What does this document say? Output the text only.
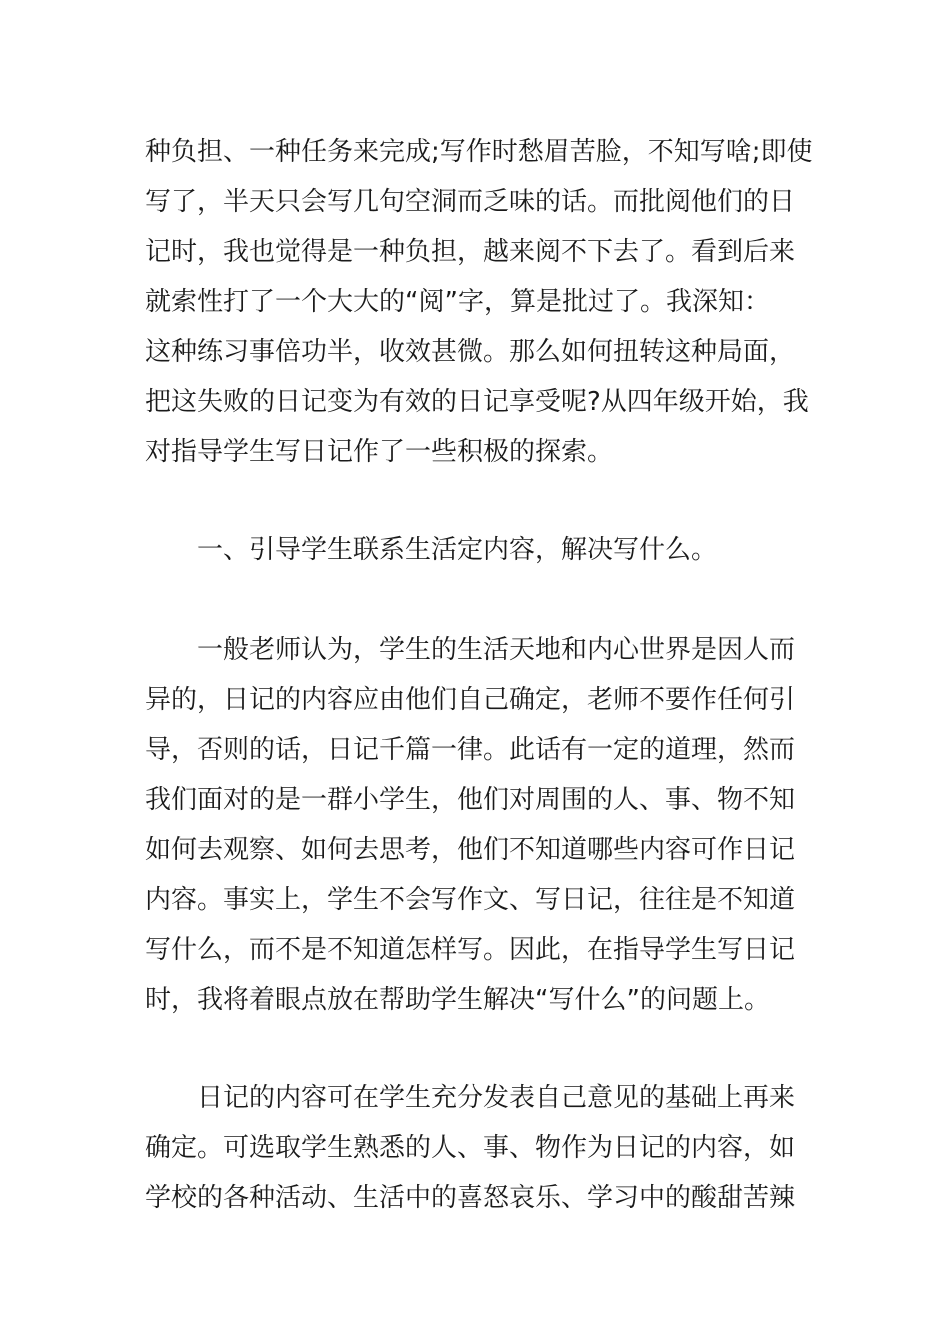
种负担、一种任务来完成;写作时愁眉苦脸，不知写啥;即使
写了，半天只会写几句空洞而乏味的话。而批阅他们的日
记时，我也觉得是一种负担，越来阅不下去了。看到后来
就索性打了一个大大的“阅”字，算是批过了。我深知：
这种练习事倍功半，收效甚微。那么如何扭转这种局面，
把这失败的日记变为有效的日记享受呢?从四年级开始，我
对指导学生写日记作了一些积极的探索。
一、引导学生联系生活定内容，解决写什么。
一般老师认为，学生的生活天地和内心世界是因人而
异的，日记的内容应由他们自己确定，老师不要作任何引
导，否则的话，日记千篇一律。此话有一定的道理，然而
我们面对的是一群小学生，他们对周围的人、事、物不知
如何去观察、如何去思考，他们不知道哪些内容可作日记
内容。事实上，学生不会写作文、写日记，往往是不知道
写什么，而不是不知道怎样写。因此，在指导学生写日记
时，我将着眼点放在帮助学生解决“写什么”的问题上。
日记的内容可在学生充分发表自己意见的基础上再来
确定。可选取学生熟悉的人、事、物作为日记的内容，如
学校的各种活动、生活中的喜怒哀乐、学习中的酸甜苦辣
